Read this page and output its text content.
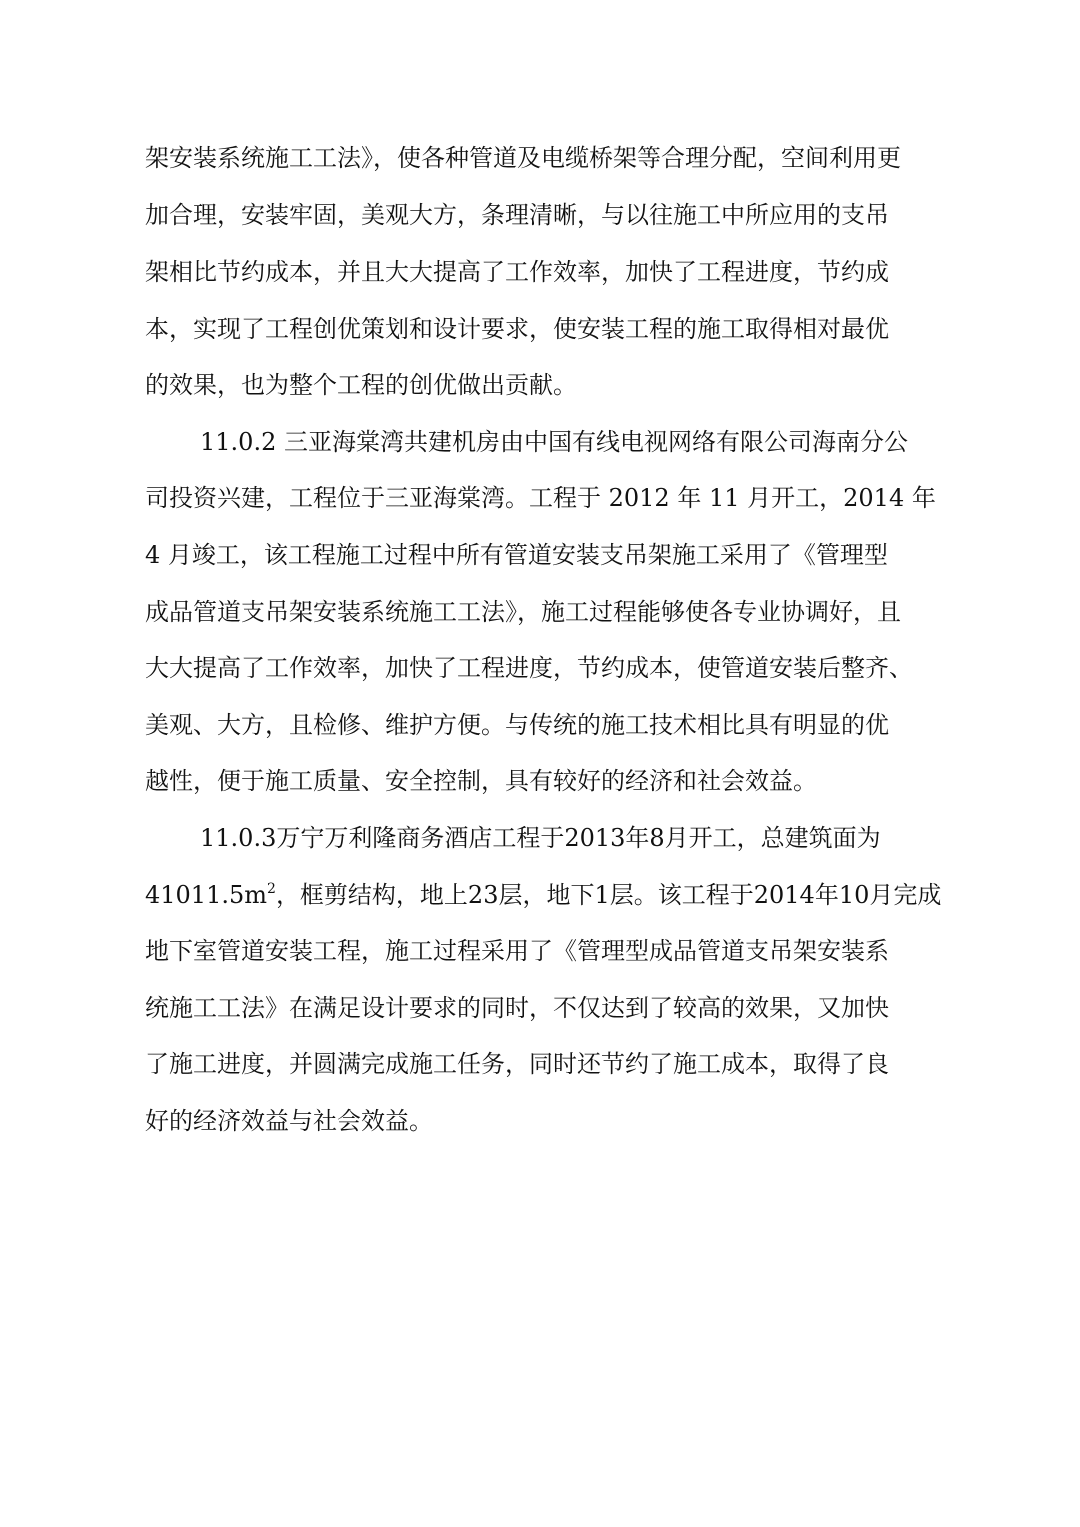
架安装系统施工工法》，使各种管道及电缆桥架等合理分配，空间利用更

加合理，安装牢固，美观大方，条理清晰，与以往施工中所应用的支吊

架相比节约成本，并且大大提高了工作效率，加快了工程进度，节约成

本，实现了工程创优策划和设计要求，使安装工程的施工取得相对最优

的效果，也为整个工程的创优做出贡献。

11.0.2 三亚海棠湾共建机房由中国有线电视网络有限公司海南分公

司投资兴建，工程位于三亚海棠湾。工程于 2012 年 11 月开工，2014 年

4 月竣工，该工程施工过程中所有管道安装支吊架施工采用了《管理型

成品管道支吊架安装系统施工工法》，施工过程能够使各专业协调好，且

大大提高了工作效率，加快了工程进度，节约成本，使管道安装后整齐、

美观、大方，且检修、维护方便。与传统的施工技术相比具有明显的优

越性，便于施工质量、安全控制，具有较好的经济和社会效益。

11.0.3万宁万利隆商务酒店工程于2013年8月开工，总建筑面为

$41011.5m^2$，框剪结构，地上23层，地下1层。该工程于2014年10月完成

地下室管道安装工程，施工过程采用了《管理型成品管道支吊架安装系

统施工工法》在满足设计要求的同时，不仅达到了较高的效果，又加快

了施工进度，并圆满完成施工任务，同时还节约了施工成本，取得了良

好的经济效益与社会效益。
